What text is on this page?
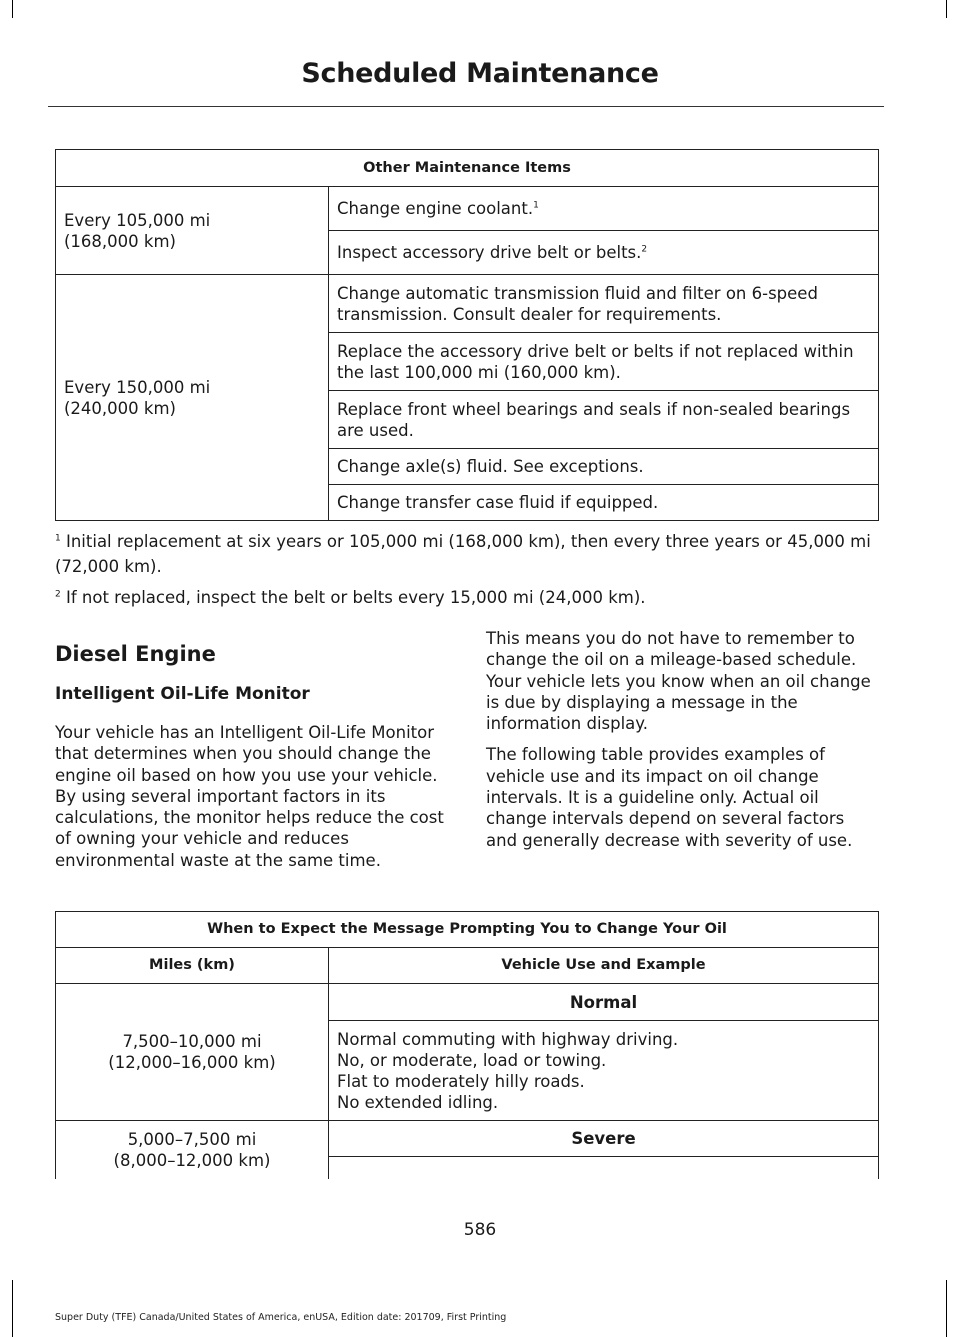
Scheduled Maintenance
Other Maintenance Items	
Every 105,000 mi
(168,000 km)	Change engine coolant.$^1$
	Inspect accessory drive belt or belts.$^2$
Every 150,000 mi
(240,000 km)	Change automatic transmission fluid and filter on 6-speed transmission. Consult dealer for requirements.
	Replace the accessory drive belt or belts if not replaced within the last 100,000 mi (160,000 km).
	Replace front wheel bearings and seals if non-sealed bearings are used.
	Change axle(s) fluid. See exceptions.
	Change transfer case fluid if equipped.
$^1$ Initial replacement at six years or 105,000 mi (168,000 km), then every three years or 45,000 mi (72,000 km).
$^2$ If not replaced, inspect the belt or belts every 15,000 mi (24,000 km).
Diesel Engine
Intelligent Oil-Life Monitor

Your vehicle has an Intelligent Oil-Life Monitor that determines when you should change the engine oil based on how you use your vehicle. By using several important factors in its calculations, the monitor helps reduce the cost of owning your vehicle and reduces environmental waste at the same time.

This means you do not have to remember to change the oil on a mileage-based schedule. Your vehicle lets you know when an oil change is due by displaying a message in the information display.

The following table provides examples of vehicle use and its impact on oil change intervals. It is a guideline only. Actual oil change intervals depend on several factors and generally decrease with severity of use.

When to Expect the Message Prompting You to Change Your Oil	
Miles (km)	Vehicle Use and Example
7,500–10,000 mi
(12,000–16,000 km)	Normal
	Normal commuting with highway driving.
No, or moderate, load or towing.
Flat to moderately hilly roads.
No extended idling.
5,000–7,500 mi
(8,000–12,000 km)	Severe

586
Super Duty (TFE) Canada/United States of America, enUSA, Edition date: 201709, First Printing
